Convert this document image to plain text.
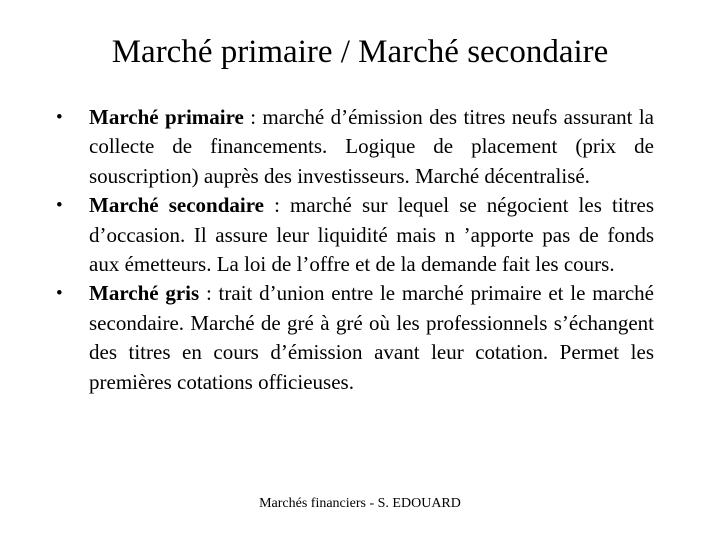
Marché primaire / Marché secondaire
•	Marché primaire : marché d’émission des titres neufs assurant la collecte de financements. Logique de placement (prix de souscription) auprès des investisseurs. Marché décentralisé.
•	Marché secondaire : marché sur lequel se négocient les titres d’occasion. Il assure leur liquidité mais n ’apporte pas de fonds aux émetteurs. La loi de l’offre et de la demande fait les cours.
•	Marché gris : trait d’union entre le marché primaire et le marché secondaire. Marché de gré à gré où les professionnels s’échangent des titres en cours d’émission avant leur cotation. Permet les premières cotations officieuses.
Marchés financiers - S. EDOUARD
